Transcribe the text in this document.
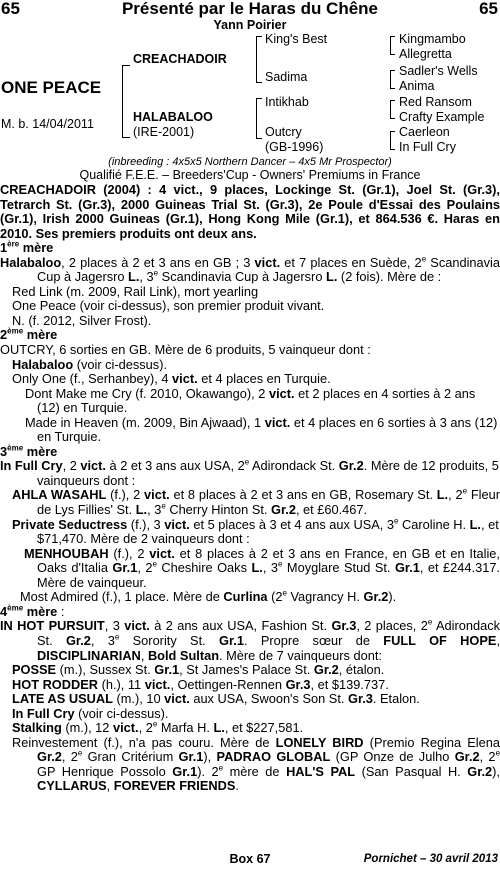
65	Présenté par le Haras du Chêne	65
Yann Poirier
ONE PEACE
M. b. 14/04/2011
CREACHADOIR
HALABALOO
(IRE-2001)
King's Best
Sadima
Intikhab
Outcry
(GB-1996)
Kingmambo
Allegretta
Sadler's Wells
Anima
Red Ransom
Crafty Example
Caerleon
In Full Cry
(inbreeding : 4x5x5 Northern Dancer – 4x5 Mr Prospector)
Qualifié F.E.E. – Breeders'Cup - Owners' Premiums in France
CREACHADOIR (2004) : 4 vict., 9 places, Lockinge St. (Gr.1), Joel St. (Gr.3), Tetrarch St. (Gr.3), 2000 Guineas Trial St. (Gr.3), 2e Poule d'Essai des Poulains (Gr.1), Irish 2000 Guineas (Gr.1), Hong Kong Mile (Gr.1), et 864.536 €. Haras en 2010. Ses premiers produits ont deux ans.
1ère mère
Halabaloo, 2 places à 2 et 3 ans en GB ; 3 vict. et 7 places en Suède, 2e Scandinavia Cup à Jagersro L., 3e Scandinavia Cup à Jagersro L. (2 fois). Mère de :
Red Link (m. 2009, Rail Link), mort yearling
One Peace (voir ci-dessus), son premier produit vivant.
N. (f. 2012, Silver Frost).
2ème mère
OUTCRY, 6 sorties en GB. Mère de 6 produits, 5 vainqueur dont :
Halabaloo (voir ci-dessus).
Only One (f., Serhanbey), 4 vict. et 4 places en Turquie.
Dont Make me Cry (f. 2010, Okawango), 2 vict. et 2 places en 4 sorties à 2 ans (12) en Turquie.
Made in Heaven (m. 2009, Bin Ajwaad), 1 vict. et 4 places en 6 sorties à 3 ans (12) en Turquie.
3ème mère
In Full Cry, 2 vict. à 2 et 3 ans aux USA, 2e Adirondack St. Gr.2. Mère de 12 produits, 5 vainqueurs dont :
AHLA WASAHL (f.), 2 vict. et 8 places à 2 et 3 ans en GB, Rosemary St. L., 2e Fleur de Lys Fillies' St. L., 3e Cherry Hinton St. Gr.2, et £60.467.
Private Seductress (f.), 3 vict. et 5 places à 3 et 4 ans aux USA, 3e Caroline H. L., et $71,470. Mère de 2 vainqueurs dont :
MENHOUBAH (f.), 2 vict. et 8 places à 2 et 3 ans en France, en GB et en Italie, Oaks d'Italia Gr.1, 2e Cheshire Oaks L., 3e Moyglare Stud St. Gr.1, et £244.317. Mère de vainqueur.
Most Admired (f.), 1 place. Mère de Curlina (2e Vagrancy H. Gr.2).
4ème mère :
IN HOT PURSUIT, 3 vict. à 2 ans aux USA, Fashion St. Gr.3, 2 places, 2e Adirondack St. Gr.2, 3e Sorority St. Gr.1. Propre sœur de FULL OF HOPE, DISCIPLINARIAN, Bold Sultan. Mère de 7 vainqueurs dont:
POSSE (m.), Sussex St. Gr.1, St James's Palace St. Gr.2, étalon.
HOT RODDER (h.), 11 vict., Oettingen-Rennen Gr.3, et $139.737.
LATE AS USUAL (m.), 10 vict. aux USA, Swoon's Son St. Gr.3. Etalon.
In Full Cry (voir ci-dessus).
Stalking (m.), 12 vict., 2e Marfa H. L., et $227,581.
Reinvestement (f.), n'a pas couru. Mère de LONELY BIRD (Premio Regina Elena Gr.2, 2e Gran Critérium Gr.1), PADRAO GLOBAL (GP Onze de Julho Gr.2, 2e GP Henrique Possolo Gr.1). 2e mère de HAL'S PAL (San Pasqual H. Gr.2), CYLLARUS, FOREVER FRIENDS.
Box 67	Pornichet – 30 avril 2013
